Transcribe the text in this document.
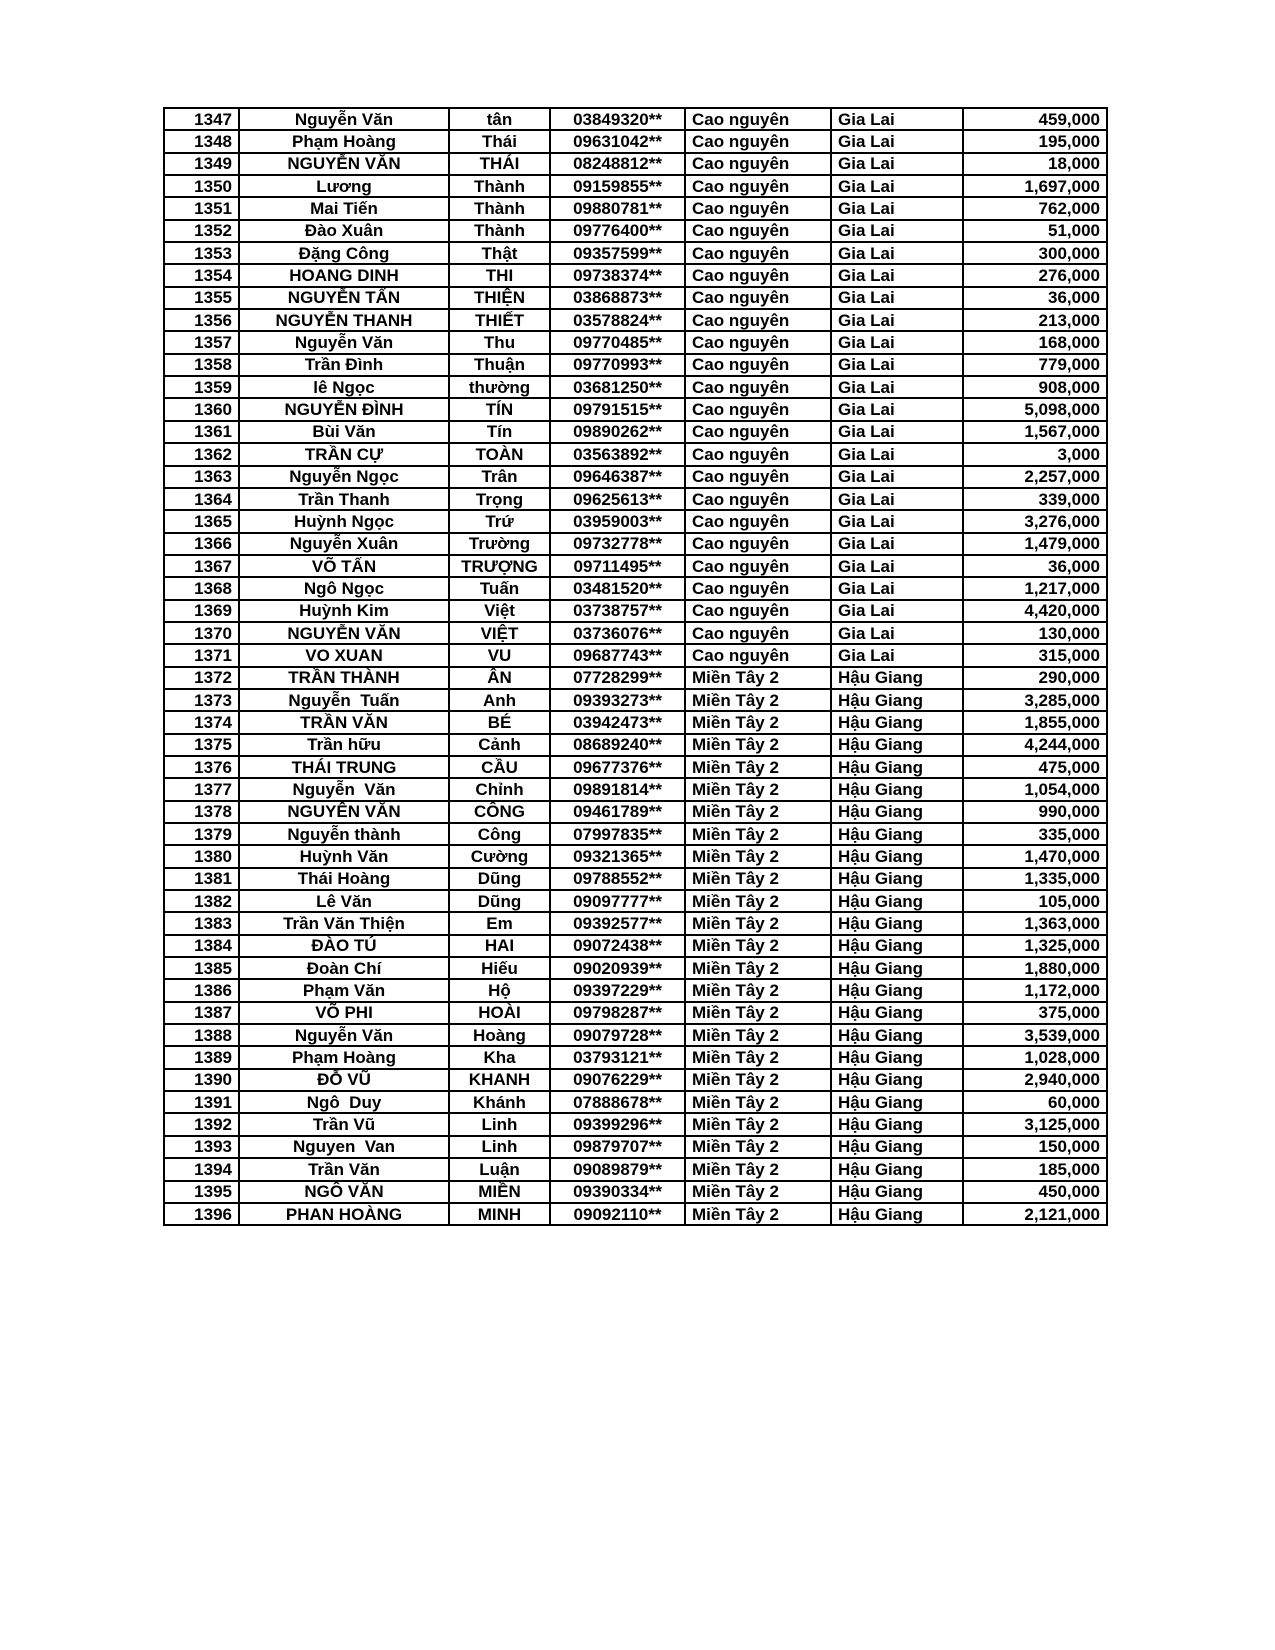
1347	Nguyễn Văn	tân	03849320**	Cao nguyên	Gia Lai	459,000
1348	Phạm Hoàng	Thái	09631042**	Cao nguyên	Gia Lai	195,000
1349	NGUYỄN VĂN	THÁI	08248812**	Cao nguyên	Gia Lai	18,000
1350	Lương	Thành	09159855**	Cao nguyên	Gia Lai	1,697,000
1351	Mai Tiến	Thành	09880781**	Cao nguyên	Gia Lai	762,000
1352	Đào Xuân	Thành	09776400**	Cao nguyên	Gia Lai	51,000
1353	Đặng Công	Thật	09357599**	Cao nguyên	Gia Lai	300,000
1354	HOANG DINH	THI	09738374**	Cao nguyên	Gia Lai	276,000
1355	NGUYỄN TẤN	THIỆN	03868873**	Cao nguyên	Gia Lai	36,000
1356	NGUYỄN THANH	THIẾT	03578824**	Cao nguyên	Gia Lai	213,000
1357	Nguyễn Văn	Thu	09770485**	Cao nguyên	Gia Lai	168,000
1358	Trần Đình	Thuận	09770993**	Cao nguyên	Gia Lai	779,000
1359	lê Ngọc	thường	03681250**	Cao nguyên	Gia Lai	908,000
1360	NGUYỄN ĐÌNH	TÍN	09791515**	Cao nguyên	Gia Lai	5,098,000
1361	Bùi Văn	Tín	09890262**	Cao nguyên	Gia Lai	1,567,000
1362	TRẦN CỰ	TOÀN	03563892**	Cao nguyên	Gia Lai	3,000
1363	Nguyễn Ngọc	Trân	09646387**	Cao nguyên	Gia Lai	2,257,000
1364	Trần Thanh	Trọng	09625613**	Cao nguyên	Gia Lai	339,000
1365	Huỳnh Ngọc	Trứ	03959003**	Cao nguyên	Gia Lai	3,276,000
1366	Nguyễn Xuân	Trường	09732778**	Cao nguyên	Gia Lai	1,479,000
1367	VÕ TẤN	TRƯỢNG	09711495**	Cao nguyên	Gia Lai	36,000
1368	Ngô Ngọc	Tuấn	03481520**	Cao nguyên	Gia Lai	1,217,000
1369	Huỳnh Kim	Việt	03738757**	Cao nguyên	Gia Lai	4,420,000
1370	NGUYỄN VĂN	VIỆT	03736076**	Cao nguyên	Gia Lai	130,000
1371	VO XUAN	VU	09687743**	Cao nguyên	Gia Lai	315,000
1372	TRẦN THÀNH	ÂN	07728299**	Miền Tây 2	Hậu Giang	290,000
1373	Nguyễn  Tuấn	Anh	09393273**	Miền Tây 2	Hậu Giang	3,285,000
1374	TRẦN VĂN	BÉ	03942473**	Miền Tây 2	Hậu Giang	1,855,000
1375	Trần hữu	Cảnh	08689240**	Miền Tây 2	Hậu Giang	4,244,000
1376	THÁI TRUNG	CẦU	09677376**	Miền Tây 2	Hậu Giang	475,000
1377	Nguyễn  Văn	Chỉnh	09891814**	Miền Tây 2	Hậu Giang	1,054,000
1378	NGUYÊN VĂN	CÔNG	09461789**	Miền Tây 2	Hậu Giang	990,000
1379	Nguyễn thành	Công	07997835**	Miền Tây 2	Hậu Giang	335,000
1380	Huỳnh Văn	Cường	09321365**	Miền Tây 2	Hậu Giang	1,470,000
1381	Thái Hoàng	Dũng	09788552**	Miền Tây 2	Hậu Giang	1,335,000
1382	Lê Văn	Dũng	09097777**	Miền Tây 2	Hậu Giang	105,000
1383	Trần Văn Thiện	Em	09392577**	Miền Tây 2	Hậu Giang	1,363,000
1384	ĐÀO TÚ	HAI	09072438**	Miền Tây 2	Hậu Giang	1,325,000
1385	Đoàn Chí	Hiếu	09020939**	Miền Tây 2	Hậu Giang	1,880,000
1386	Phạm Văn	Hộ	09397229**	Miền Tây 2	Hậu Giang	1,172,000
1387	VÕ PHI	HOÀI	09798287**	Miền Tây 2	Hậu Giang	375,000
1388	Nguyễn Văn	Hoàng	09079728**	Miền Tây 2	Hậu Giang	3,539,000
1389	Phạm Hoàng	Kha	03793121**	Miền Tây 2	Hậu Giang	1,028,000
1390	ĐỖ VŨ	KHANH	09076229**	Miền Tây 2	Hậu Giang	2,940,000
1391	Ngô  Duy	Khánh	07888678**	Miền Tây 2	Hậu Giang	60,000
1392	Trần Vũ	Linh	09399296**	Miền Tây 2	Hậu Giang	3,125,000
1393	Nguyen  Van	Linh	09879707**	Miền Tây 2	Hậu Giang	150,000
1394	Trần Văn	Luận	09089879**	Miền Tây 2	Hậu Giang	185,000
1395	NGÔ VĂN	MIỀN	09390334**	Miền Tây 2	Hậu Giang	450,000
1396	PHAN HOÀNG	MINH	09092110**	Miền Tây 2	Hậu Giang	2,121,000
